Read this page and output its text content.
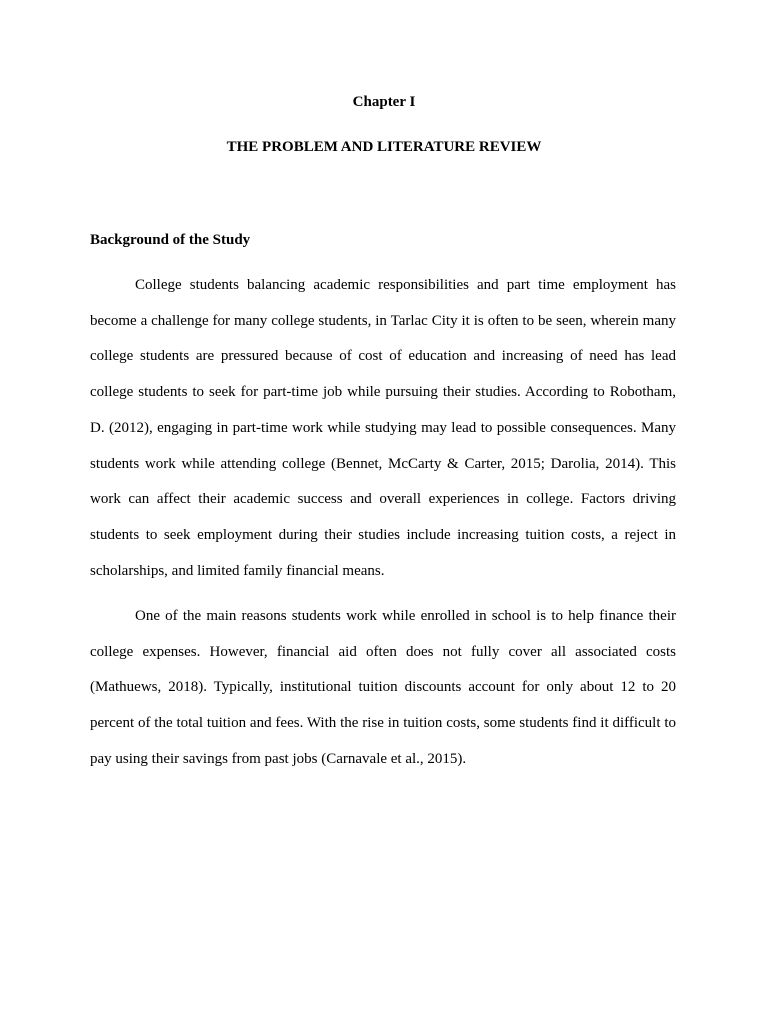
Chapter I
THE PROBLEM AND LITERATURE REVIEW
Background of the Study

College students balancing academic responsibilities and part time employment has become a challenge for many college students, in Tarlac City it is often to be seen, wherein many college students are pressured because of cost of education and increasing of need has lead college students to seek for part-time job while pursuing their studies. According to Robotham, D. (2012), engaging in part-time work while studying may lead to possible consequences. Many students work while attending college (Bennet, McCarty & Carter, 2015; Darolia, 2014). This work can affect their academic success and overall experiences in college. Factors driving students to seek employment during their studies include increasing tuition costs, a reject in scholarships, and limited family financial means.

One of the main reasons students work while enrolled in school is to help finance their college expenses. However, financial aid often does not fully cover all associated costs (Mathuews, 2018). Typically, institutional tuition discounts account for only about 12 to 20 percent of the total tuition and fees. With the rise in tuition costs, some students find it difficult to pay using their savings from past jobs (Carnavale et al., 2015).
